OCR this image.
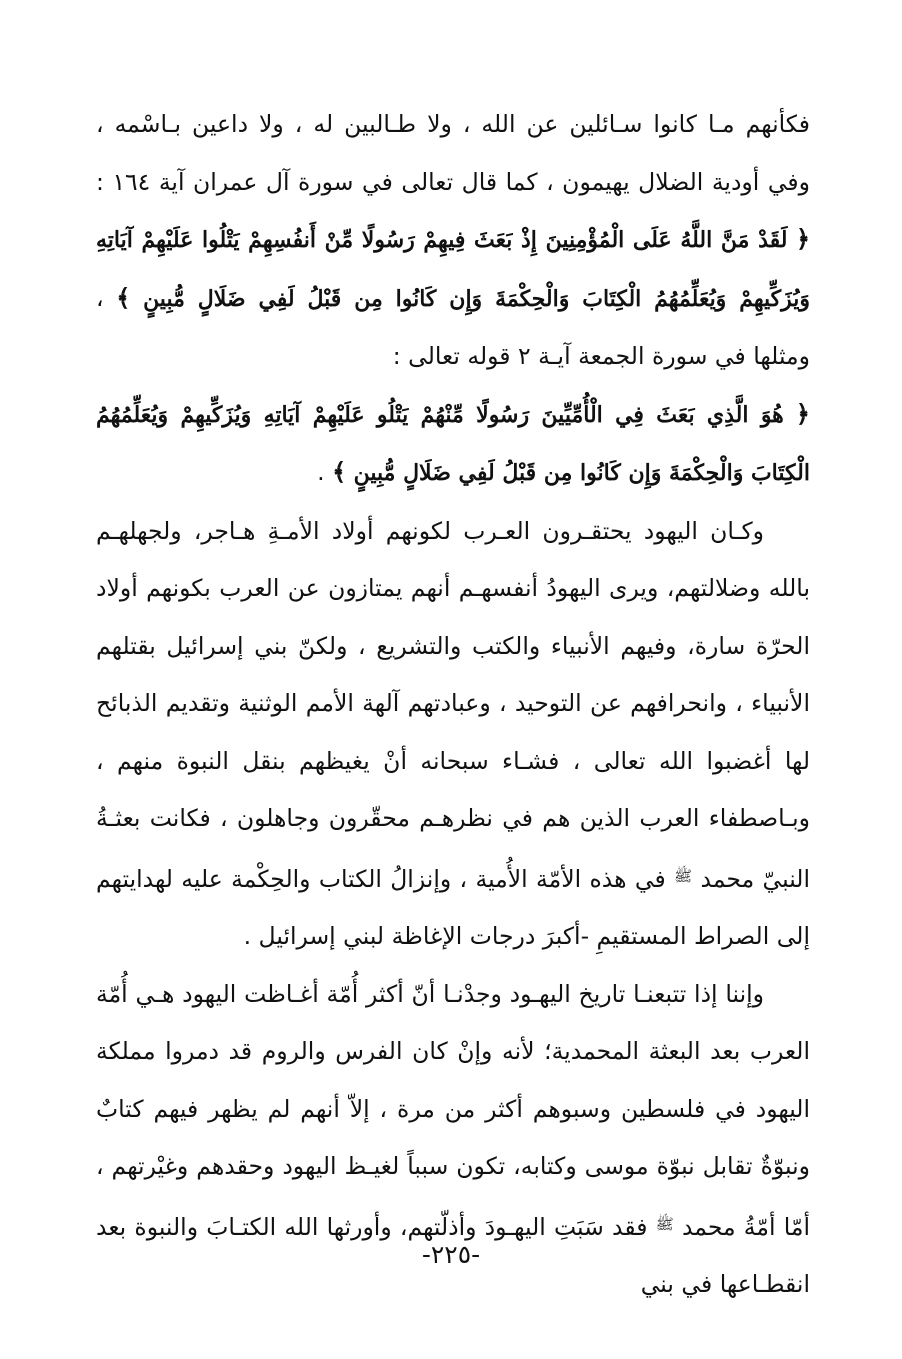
فكأنهم مـا كانوا سـائلين عن الله ، ولا طـالبين له ، ولا داعين بـاسْمه ، وفي أودية الضلال يهيمون ، كما قال تعالى في سورة آل عمران آية ١٦٤ : ﴿ لَقَدْ مَنَّ اللَّهُ عَلَى الْمُؤْمِنِينَ إِذْ بَعَثَ فِيهِمْ رَسُولًا مِّنْ أَنفُسِهِمْ يَتْلُوا عَلَيْهِمْ آيَاتِهِ وَيُزَكِّيهِمْ وَيُعَلِّمُهُمُ الْكِتَابَ وَالْحِكْمَةَ وَإِن كَانُوا مِن قَبْلُ لَفِي ضَلَالٍ مُّبِينٍ ﴾ ، ومثلها في سورة الجمعة آيـة ٢ قوله تعالى :
﴿ هُوَ الَّذِي بَعَثَ فِي الْأُمِّيِّينَ رَسُولًا مِّنْهُمْ يَتْلُو عَلَيْهِمْ آيَاتِهِ وَيُزَكِّيهِمْ وَيُعَلِّمُهُمُ الْكِتَابَ وَالْحِكْمَةَ وَإِن كَانُوا مِن قَبْلُ لَفِي ضَلَالٍ مُّبِينٍ ﴾ .

وكـان اليهود يحتقـرون العـرب لكونهم أولاد الأمـةِ هـاجر، ولجهلهـم بالله وضلالتهم، ويرى اليهودُ أنفسهـم أنهم يمتازون عن العرب بكونهم أولاد الحرّة سارة، وفيهم الأنبياء والكتب والتشريع ، ولكنّ بني إسرائيل بقتلهم الأنبياء ، وانحرافهم عن التوحيد ، وعبادتهم آلهة الأمم الوثنية وتقديم الذبائح لها أغضبوا الله تعالى ، فشـاء سبحانه أنْ يغيظهم بنقل النبوة منهم ، وبـاصطفاء العرب الذين هم في نظرهـم محقّرون وجاهلون ، فكانت بعثـةُ النبيّ محمد $^ﷺ$ في هذه الأمّة الأُمية ، وإنزالُ الكتاب والحِكْمة عليه لهدايتهم إلى الصراط المستقيمِ -أكبرَ درجات الإغاظة لبني إسرائيل .

وإننا إذا تتبعنـا تاريخ اليهـود وجدْنـا أنّ أكثر أُمّة أغـاظت اليهود هـي أُمّة العرب بعد البعثة المحمدية؛ لأنه وإنْ كان الفرس والروم قد دمروا مملكة اليهود في فلسطين وسبوهم أكثر من مرة ، إلاّ أنهم لم يظهر فيهم كتابٌ ونبوّةٌ تقابل نبوّة موسى وكتابه، تكون سبباً لغيـظ اليهود وحقدهم وغيْرتهم ، أمّا أمّةُ محمد $^ﷺ$ فقد سَبَتِ اليهـودَ وأذلّتهم، وأورثها الله الكتـابَ والنبوة بعد انقطـاعها في بني

-٢٢٥-
